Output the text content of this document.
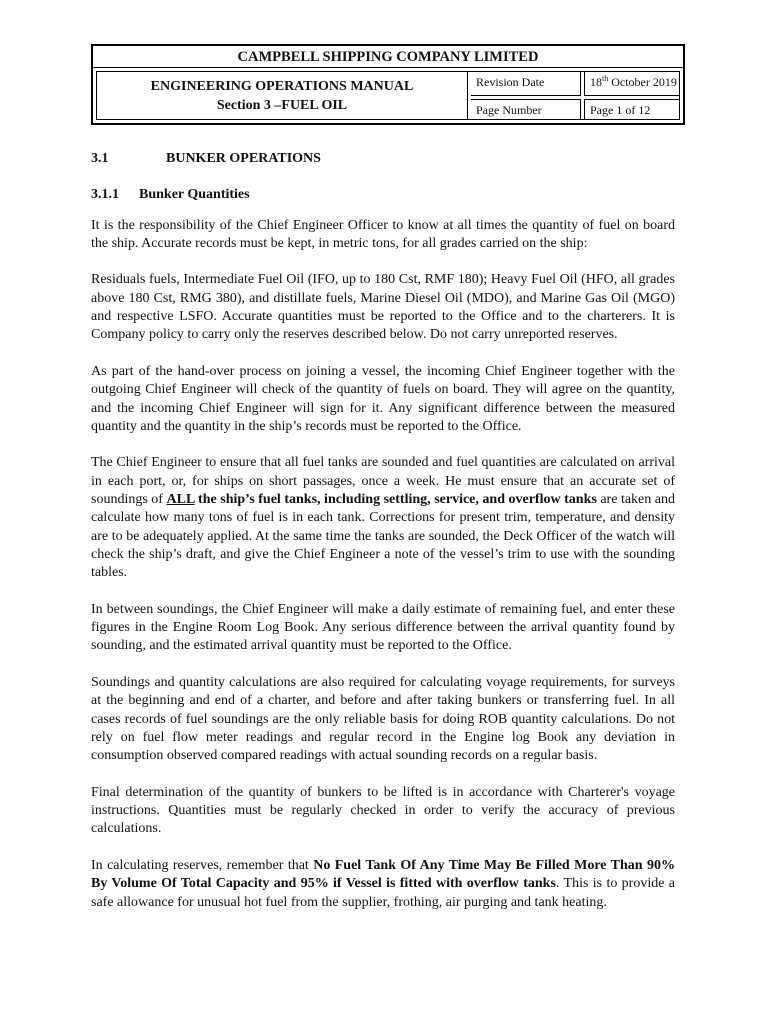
CAMPBELL SHIPPING COMPANY LIMITED
ENGINEERING OPERATIONS MANUAL
Section 3 –FUEL OIL
Revision Date	18th October 2019
Page Number	Page 1 of 12
3.1	BUNKER OPERATIONS
3.1.1 Bunker Quantities

It is the responsibility of the Chief Engineer Officer to know at all times the quantity of fuel on board the ship. Accurate records must be kept, in metric tons, for all grades carried on the ship:

Residuals fuels, Intermediate Fuel Oil (IFO, up to 180 Cst, RMF 180); Heavy Fuel Oil (HFO, all grades above 180 Cst, RMG 380), and distillate fuels, Marine Diesel Oil (MDO), and Marine Gas Oil (MGO) and respective LSFO. Accurate quantities must be reported to the Office and to the charterers. It is Company policy to carry only the reserves described below. Do not carry unreported reserves.

As part of the hand-over process on joining a vessel, the incoming Chief Engineer together with the outgoing Chief Engineer will check of the quantity of fuels on board. They will agree on the quantity, and the incoming Chief Engineer will sign for it. Any significant difference between the measured quantity and the quantity in the ship’s records must be reported to the Office.

The Chief Engineer to ensure that all fuel tanks are sounded and fuel quantities are calculated on arrival in each port, or, for ships on short passages, once a week. He must ensure that an accurate set of soundings of ALL the ship’s fuel tanks, including settling, service, and overflow tanks are taken and calculate how many tons of fuel is in each tank. Corrections for present trim, temperature, and density are to be adequately applied. At the same time the tanks are sounded, the Deck Officer of the watch will check the ship’s draft, and give the Chief Engineer a note of the vessel’s trim to use with the sounding tables.

In between soundings, the Chief Engineer will make a daily estimate of remaining fuel, and enter these figures in the Engine Room Log Book. Any serious difference between the arrival quantity found by sounding, and the estimated arrival quantity must be reported to the Office.

Soundings and quantity calculations are also required for calculating voyage requirements, for surveys at the beginning and end of a charter, and before and after taking bunkers or transferring fuel. In all cases records of fuel soundings are the only reliable basis for doing ROB quantity calculations. Do not rely on fuel flow meter readings and regular record in the Engine log Book any deviation in consumption observed compared readings with actual sounding records on a regular basis.

Final determination of the quantity of bunkers to be lifted is in accordance with Charterer's voyage instructions. Quantities must be regularly checked in order to verify the accuracy of previous calculations.

In calculating reserves, remember that No Fuel Tank Of Any Time May Be Filled More Than 90% By Volume Of Total Capacity and 95% if Vessel is fitted with overflow tanks. This is to provide a safe allowance for unusual hot fuel from the supplier, frothing, air purging and tank heating.
